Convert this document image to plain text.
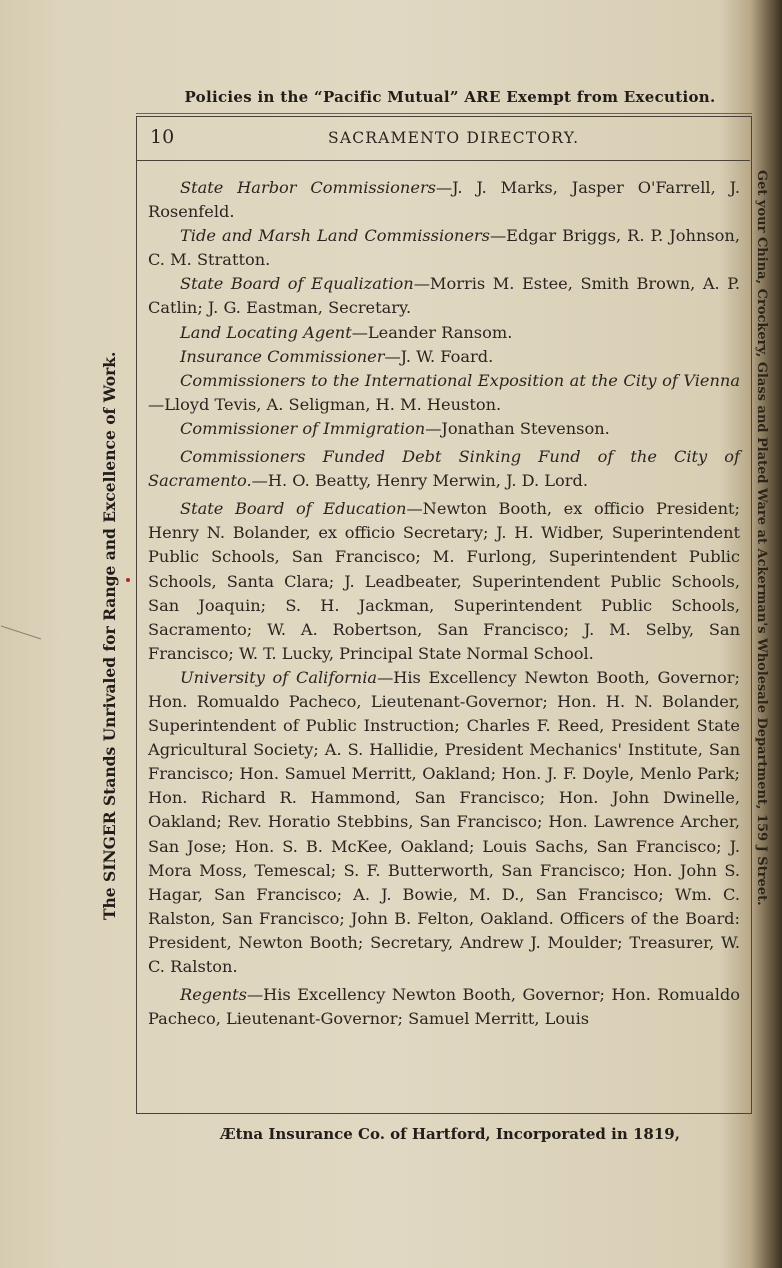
Policies in the “Pacific Mutual” ARE Exempt from Execution.
The SINGER Stands Unrivaled for Range and Excellence of Work.	Get your China, Crockery, Glass and Plated Ware at Ackerman's Wholesale Department, 159 J Street.
10	SACRAMENTO DIRECTORY.

State Harbor Commissioners—J. J. Marks, Jasper O'Farrell, J. Rosenfeld.

Tide and Marsh Land Commissioners—Edgar Briggs, R. P. Johnson, C. M. Stratton.

State Board of Equalization—Morris M. Estee, Smith Brown, A. P. Catlin; J. G. Eastman, Secretary.

Land Locating Agent—Leander Ransom.

Insurance Commissioner—J. W. Foard.

Commissioners to the International Exposition at the City of Vienna—Lloyd Tevis, A. Seligman, H. M. Heuston.

Commissioner of Immigration—Jonathan Stevenson.

Commissioners Funded Debt Sinking Fund of the City of Sacramento.—H. O. Beatty, Henry Merwin, J. D. Lord.

State Board of Education—Newton Booth, ex officio President; Henry N. Bolander, ex officio Secretary; J. H. Widber, Superintendent Public Schools, San Francisco; M. Furlong, Superintendent Public Schools, Santa Clara; J. Leadbeater, Superintendent Public Schools, San Joaquin; S. H. Jackman, Superintendent Public Schools, Sacramento; W. A. Robertson, San Francisco; J. M. Selby, San Francisco; W. T. Lucky, Principal State Normal School.

University of California—His Excellency Newton Booth, Governor; Hon. Romualdo Pacheco, Lieutenant-Governor; Hon. H. N. Bolander, Superintendent of Public Instruction; Charles F. Reed, President State Agricultural Society; A. S. Hallidie, President Mechanics' Institute, San Francisco; Hon. Samuel Merritt, Oakland; Hon. J. F. Doyle, Menlo Park; Hon. Richard R. Hammond, San Francisco; Hon. John Dwinelle, Oakland; Rev. Horatio Stebbins, San Francisco; Hon. Lawrence Archer, San Jose; Hon. S. B. McKee, Oakland; Louis Sachs, San Francisco; J. Mora Moss, Temescal; S. F. Butterworth, San Francisco; Hon. John S. Hagar, San Francisco; A. J. Bowie, M. D., San Francisco; Wm. C. Ralston, San Francisco; John B. Felton, Oakland. Officers of the Board: President, Newton Booth; Secretary, Andrew J. Moulder; Treasurer, W. C. Ralston.

Regents—His Excellency Newton Booth, Governor; Hon. Romualdo Pacheco, Lieutenant-Governor; Samuel Merritt, Louis

Ætna Insurance Co. of Hartford, Incorporated in 1819,
